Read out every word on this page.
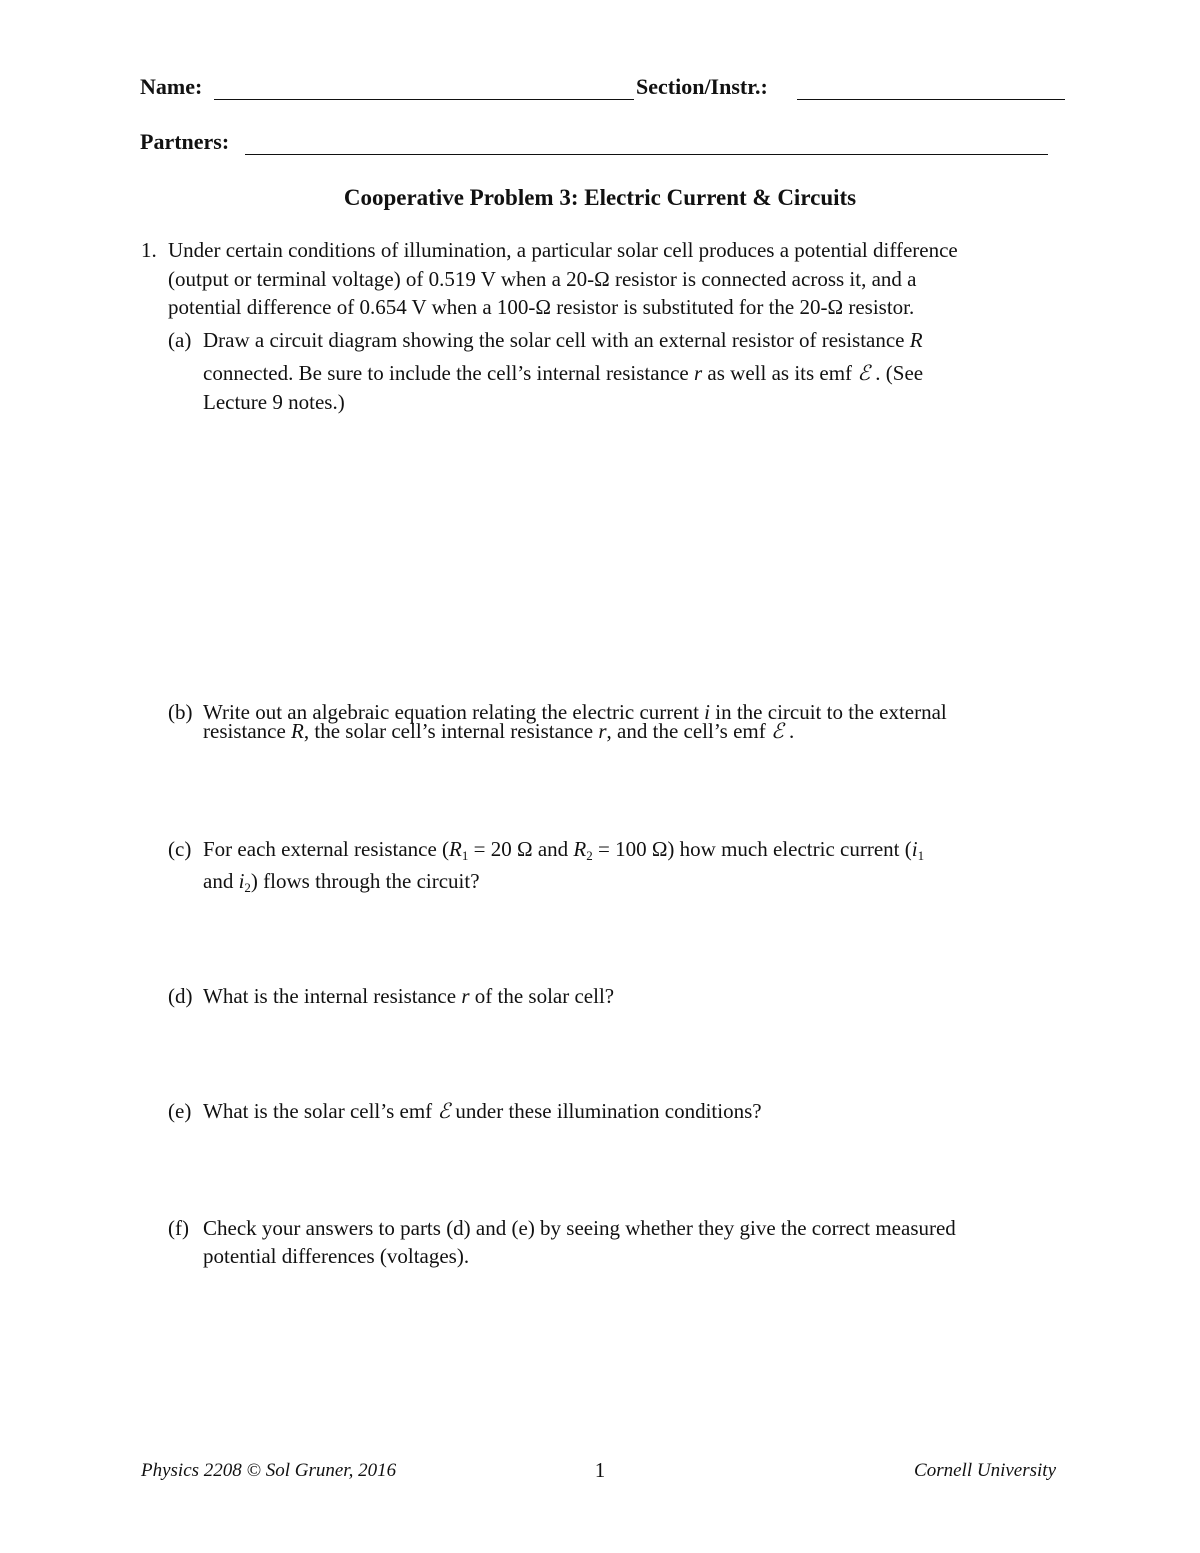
Name:	Section/Instr.:
Partners:
Cooperative Problem 3: Electric Current & Circuits
1. Under certain conditions of illumination, a particular solar cell produces a potential difference
(output or terminal voltage) of 0.519 V when a 20-Ω resistor is connected across it, and a
potential difference of 0.654 V when a 100-Ω resistor is substituted for the 20-Ω resistor.
(a) Draw a circuit diagram showing the solar cell with an external resistor of resistance R
connected. Be sure to include the cell’s internal resistance r as well as its emf ℰ . (See
Lecture 9 notes.)
(b) Write out an algebraic equation relating the electric current i in the circuit to the external
resistance R, the solar cell’s internal resistance r, and the cell’s emf ℰ .
(c) For each external resistance ($R_1 = 20$ Ω and $R_2 = 100$ Ω) how much electric current ($i_1$
and $i_2$) flows through the circuit?
(d) What is the internal resistance r of the solar cell?
(e) What is the solar cell’s emf ℰ under these illumination conditions?
(f) Check your answers to parts (d) and (e) by seeing whether they give the correct measured
potential differences (voltages).
Physics 2208 © Sol Gruner, 2016	1	Cornell University
